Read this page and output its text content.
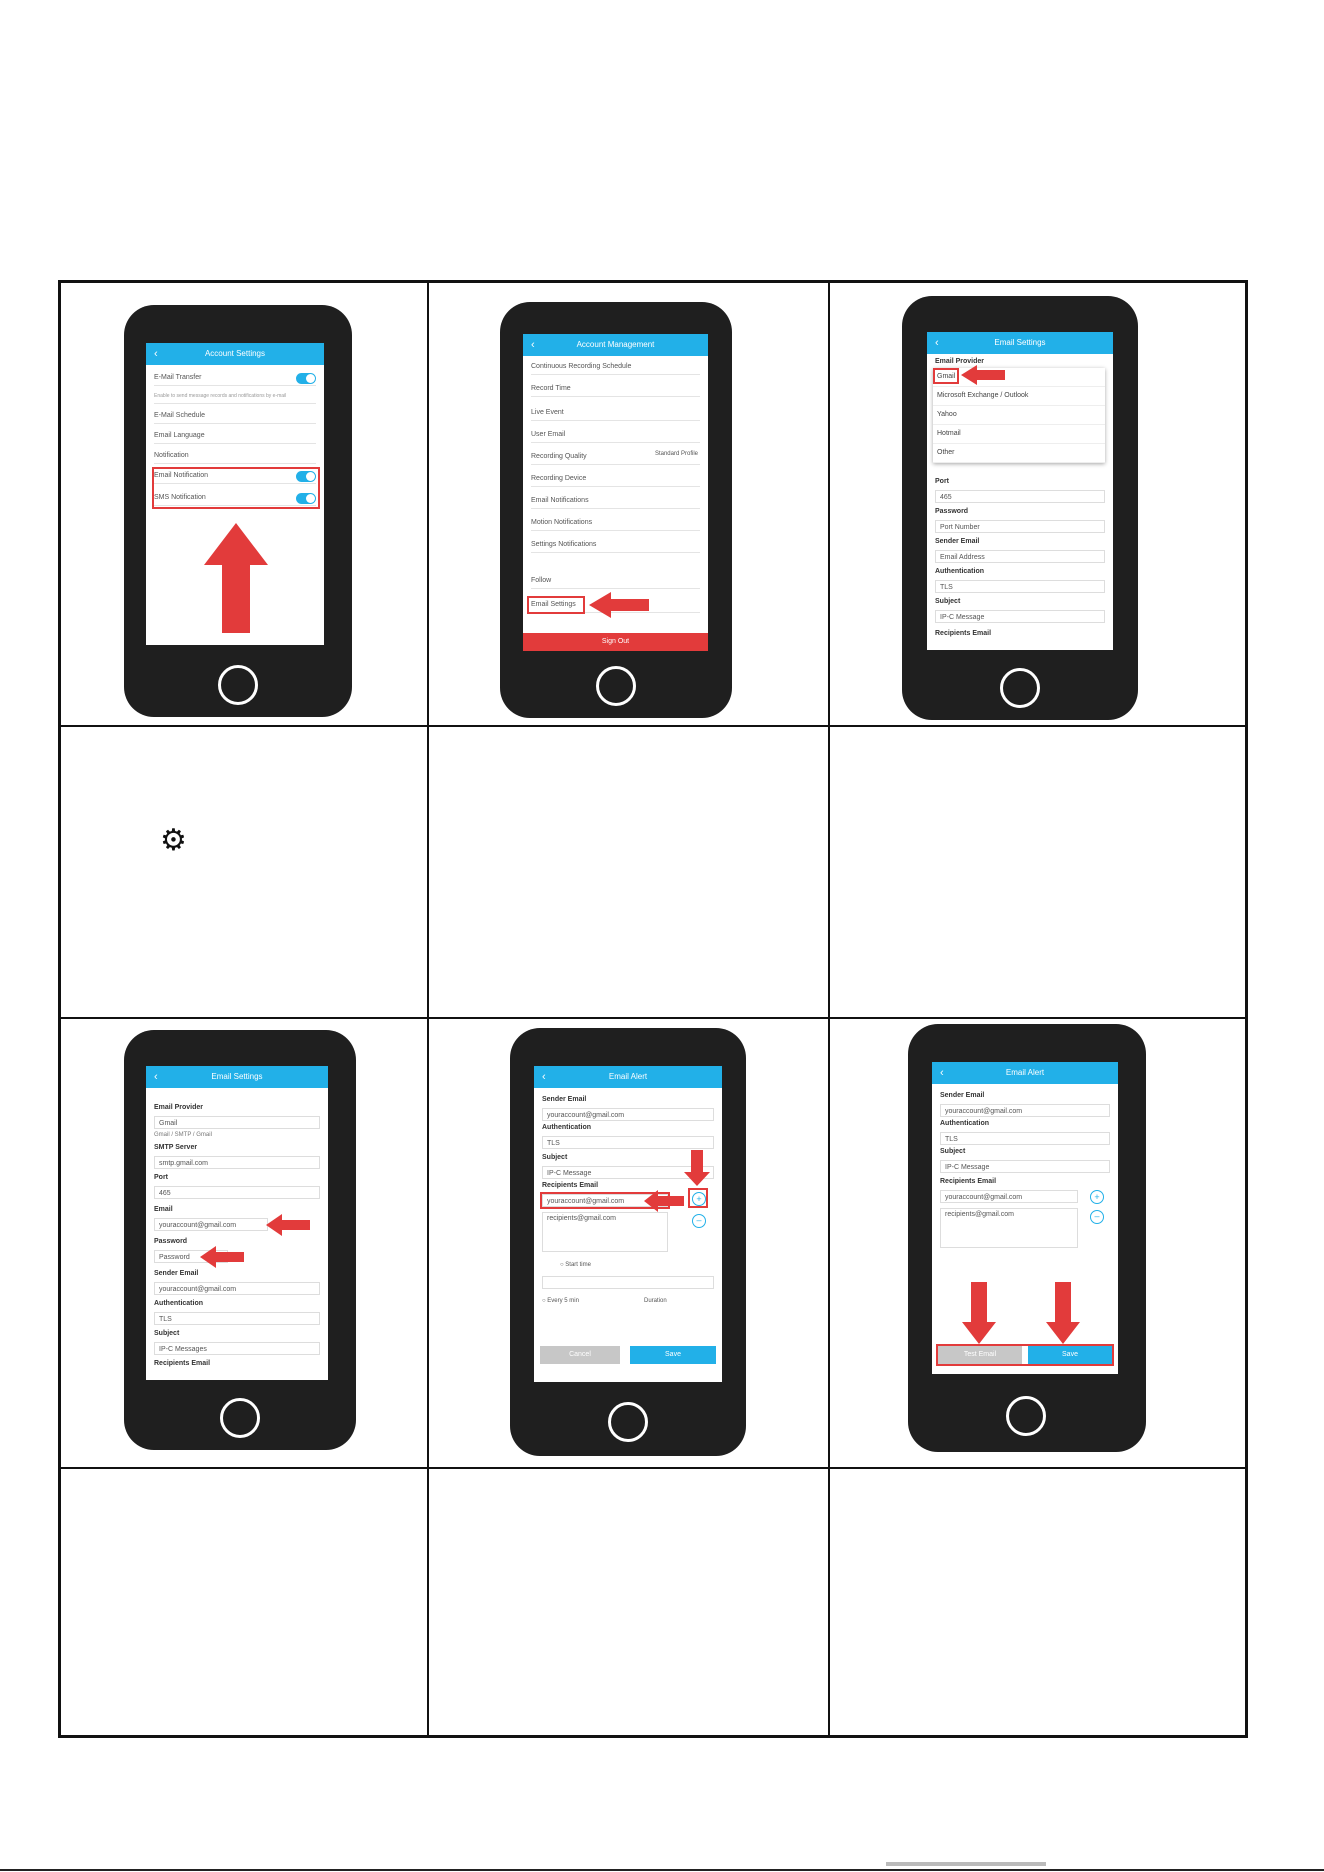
⚙
‹	Account Settings
E-Mail Transfer
Enable to send message records and notifications by e-mail
E-Mail Schedule
Email Language
Notification
Email Notification
SMS Notification
‹	Account Management
Continuous Recording Schedule
Record Time
Live Event
User Email
Recording Quality	Standard Profile
Recording Device
Email Notifications
Motion Notifications
Settings Notifications
Follow
Email Settings
Sign Out
‹	Email Settings
Email Provider
Gmail
Microsoft Exchange / Outlook
Yahoo
Hotmail
Other
Port
465
Password
Port Number
Sender Email
Email Address
Authentication
TLS
Subject
IP-C Message
Recipients Email
‹	Email Settings
Email Provider
Gmail
Gmail / SMTP / Gmail
SMTP Server
smtp.gmail.com
Port
465
Email
youraccount@gmail.com
Password
Password
Sender Email
youraccount@gmail.com
Authentication
TLS
Subject
IP-C Messages
Recipients Email
‹	Email Alert
Sender Email
youraccount@gmail.com
Authentication
TLS
Subject
IP-C Message
Recipients Email
youraccount@gmail.com	+
–
recipients@gmail.com
○ Start time
○ Every 5 min	Duration
Cancel	Save
‹	Email Alert
Sender Email
youraccount@gmail.com
Authentication
TLS
Subject
IP-C Message
Recipients Email
youraccount@gmail.com	+
recipients@gmail.com	–
Test Email	Save
